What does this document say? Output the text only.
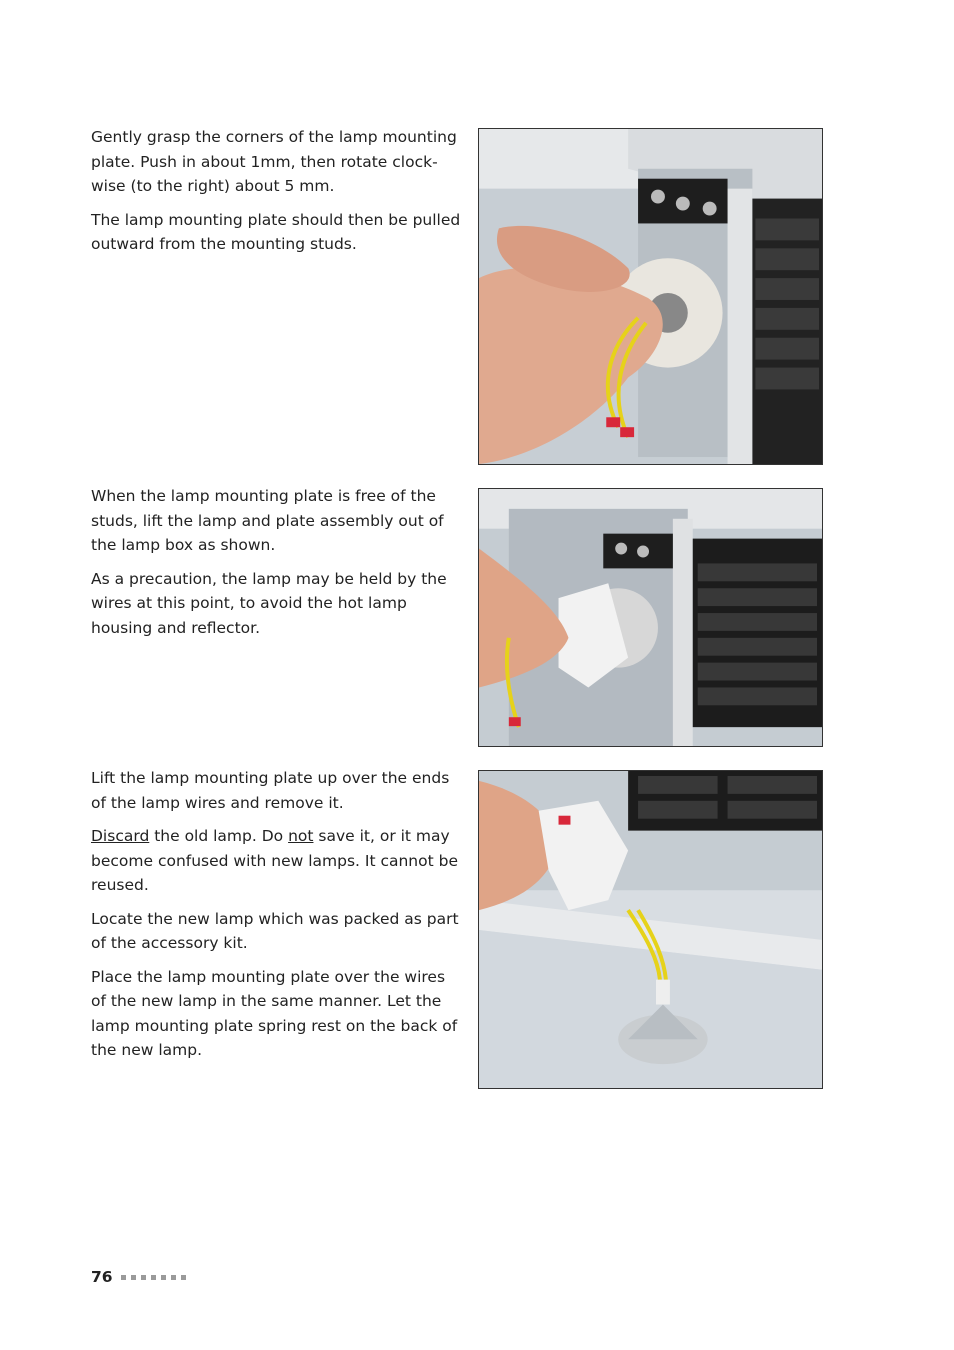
Gently grasp the corners of the lamp mounting plate. Push in about 1mm, then rotate clock-wise (to the right) about 5 mm.

The lamp mounting plate should then be pulled outward from the mounting studs.

When the lamp mounting plate is free of the studs, lift the lamp and plate assembly out of the lamp box as shown.

As a precaution, the lamp may be held by the wires at this point, to avoid the hot lamp housing and reflector.

Lift the lamp mounting plate up over the ends of the lamp wires and remove it.

Discard the old lamp. Do not save it, or it may become confused with new lamps. It cannot be reused.

Locate the new lamp which was packed as part of the accessory kit.

Place the lamp mounting plate over the wires of the new lamp in the same manner. Let the lamp mounting plate spring rest on the back of the new lamp.

76
